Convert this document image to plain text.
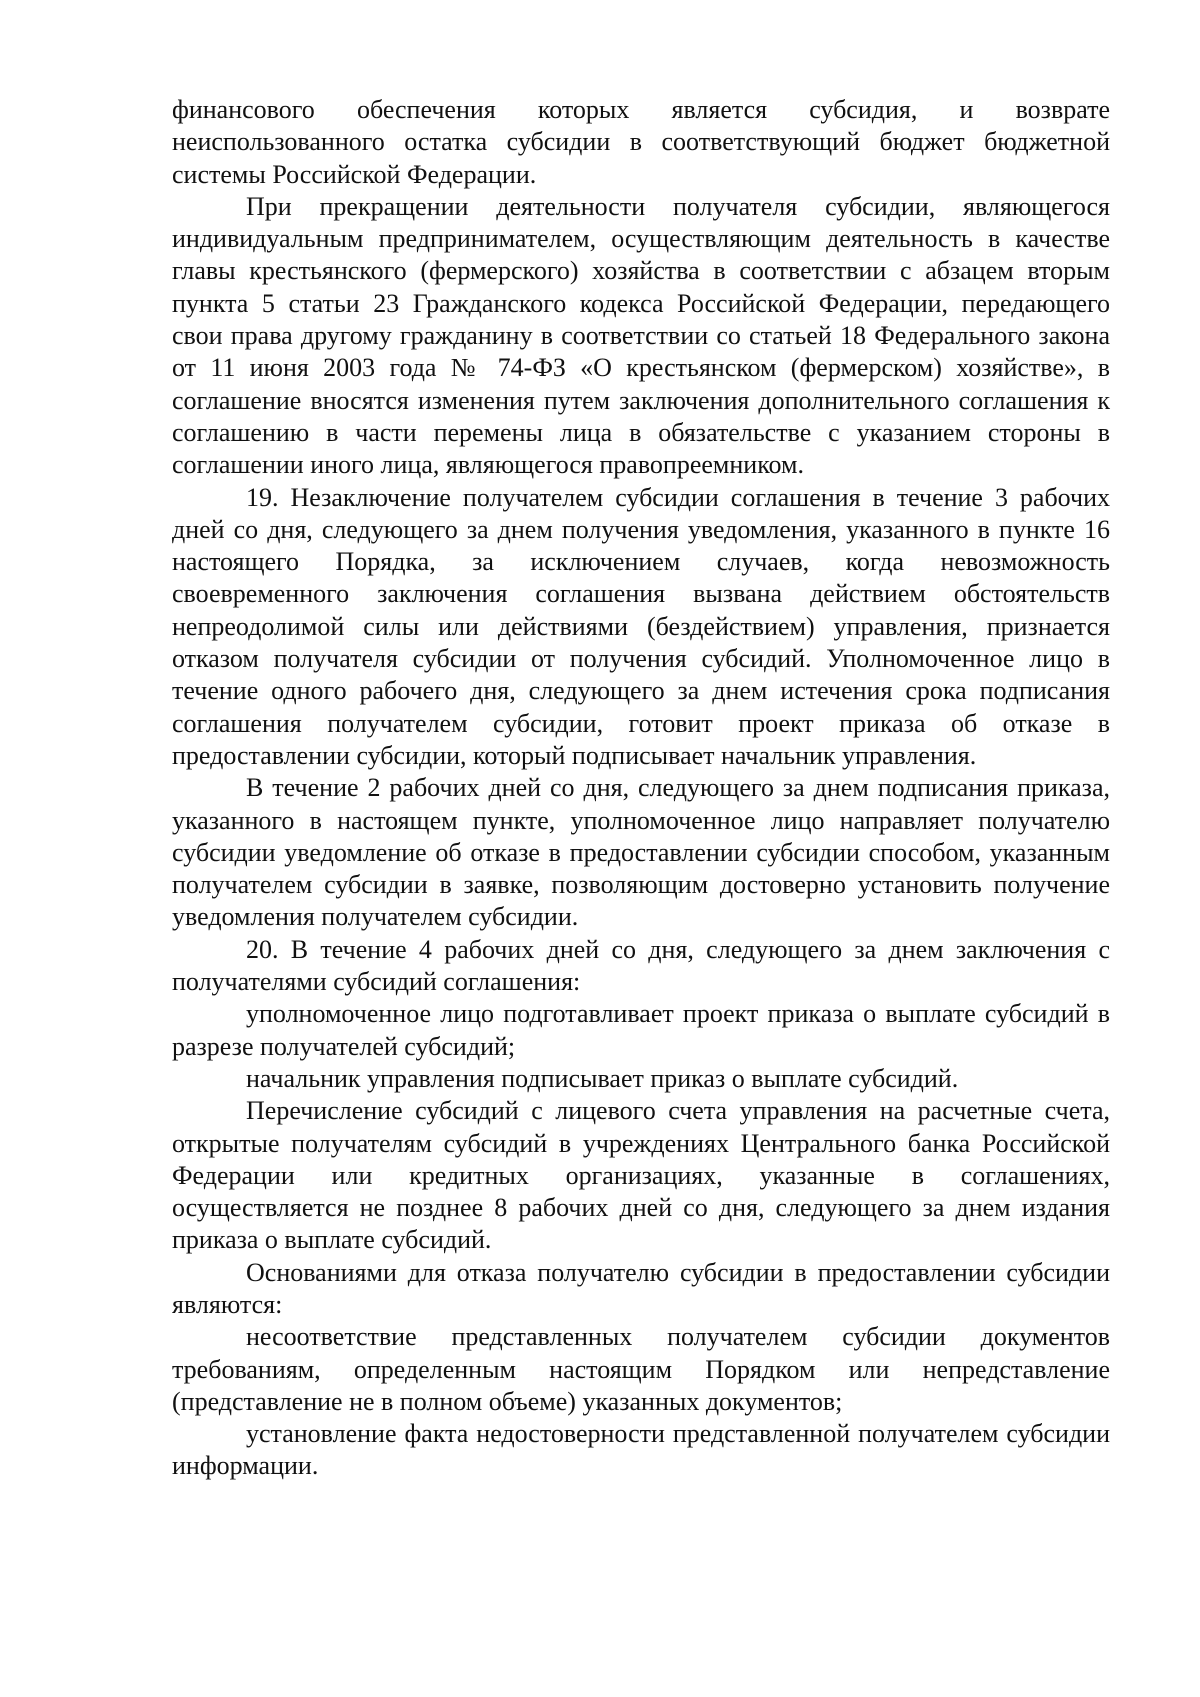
финансового обеспечения которых является субсидия, и возврате неиспользованного остатка субсидии в соответствующий бюджет бюджетной системы Российской Федерации.

При прекращении деятельности получателя субсидии, являющегося индивидуальным предпринимателем, осуществляющим деятельность в качестве главы крестьянского (фермерского) хозяйства в соответствии с абзацем вторым пункта 5 статьи 23 Гражданского кодекса Российской Федерации, передающего свои права другому гражданину в соответствии со статьей 18 Федерального закона от 11 июня 2003 года № 74-ФЗ «О крестьянском (фермерском) хозяйстве», в соглашение вносятся изменения путем заключения дополнительного соглашения к соглашению в части перемены лица в обязательстве с указанием стороны в соглашении иного лица, являющегося правопреемником.

19. Незаключение получателем субсидии соглашения в течение 3 рабочих дней со дня, следующего за днем получения уведомления, указанного в пункте 16 настоящего Порядка, за исключением случаев, когда невозможность своевременного заключения соглашения вызвана действием обстоятельств непреодолимой силы или действиями (бездействием) управления, признается отказом получателя субсидии от получения субсидий. Уполномоченное лицо в течение одного рабочего дня, следующего за днем истечения срока подписания соглашения получателем субсидии, готовит проект приказа об отказе в предоставлении субсидии, который подписывает начальник управления.

В течение 2 рабочих дней со дня, следующего за днем подписания приказа, указанного в настоящем пункте, уполномоченное лицо направляет получателю субсидии уведомление об отказе в предоставлении субсидии способом, указанным получателем субсидии в заявке, позволяющим достоверно установить получение уведомления получателем субсидии.

20. В течение 4 рабочих дней со дня, следующего за днем заключения с получателями субсидий соглашения:

уполномоченное лицо подготавливает проект приказа о выплате субсидий в разрезе получателей субсидий;

начальник управления подписывает приказ о выплате субсидий.

Перечисление субсидий с лицевого счета управления на расчетные счета, открытые получателям субсидий в учреждениях Центрального банка Российской Федерации или кредитных организациях, указанные в соглашениях, осуществляется не позднее 8 рабочих дней со дня, следующего за днем издания приказа о выплате субсидий.

Основаниями для отказа получателю субсидии в предоставлении субсидии являются:

несоответствие представленных получателем субсидии документов требованиям, определенным настоящим Порядком или непредставление (представление не в полном объеме) указанных документов;

установление факта недостоверности представленной получателем субсидии информации.
